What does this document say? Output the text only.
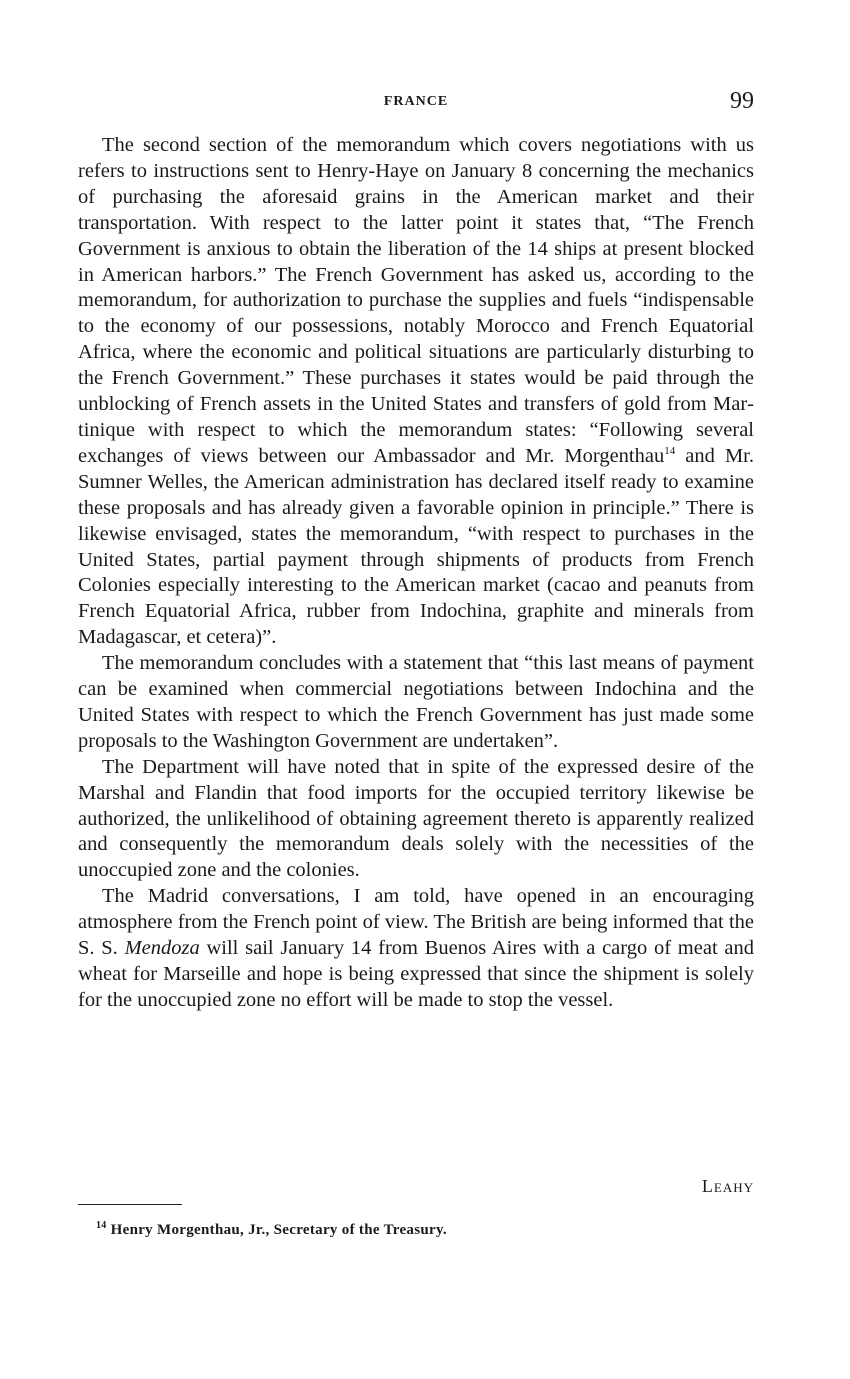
FRANCE	99

The second section of the memorandum which covers negotiations with us refers to instructions sent to Henry-Haye on January 8 concerning the mechanics of purchasing the aforesaid grains in the American market and their transportation. With respect to the latter point it states that, “The French Government is anxious to obtain the liberation of the 14 ships at present blocked in American harbors.” The French Government has asked us, according to the memorandum, for authorization to purchase the supplies and fuels “indispensable to the economy of our possessions, notably Morocco and French Equatorial Africa, where the economic and political situations are particularly disturbing to the French Government.” These purchases it states would be paid through the unblocking of French assets in the United States and transfers of gold from Martinique with respect to which the memorandum states: “Following several exchanges of views between our Ambassador and Mr. Morgenthau$^{14}$ and Mr. Sumner Welles, the American administration has declared itself ready to examine these proposals and has already given a favorable opinion in principle.” There is likewise envisaged, states the memorandum, “with respect to purchases in the United States, partial payment through shipments of products from French Colonies especially interesting to the American market (cacao and peanuts from French Equatorial Africa, rubber from Indochina, graphite and minerals from Madagascar, et cetera)”.

The memorandum concludes with a statement that “this last means of payment can be examined when commercial negotiations between Indochina and the United States with respect to which the French Government has just made some proposals to the Washington Government are undertaken”.

The Department will have noted that in spite of the expressed desire of the Marshal and Flandin that food imports for the occupied territory likewise be authorized, the unlikelihood of obtaining agreement thereto is apparently realized and consequently the memorandum deals solely with the necessities of the unoccupied zone and the colonies.

The Madrid conversations, I am told, have opened in an encouraging atmosphere from the French point of view. The British are being informed that the S. S. Mendoza will sail January 14 from Buenos Aires with a cargo of meat and wheat for Marseille and hope is being expressed that since the shipment is solely for the unoccupied zone no effort will be made to stop the vessel.

Leahy
$^{14}$ Henry Morgenthau, Jr., Secretary of the Treasury.
